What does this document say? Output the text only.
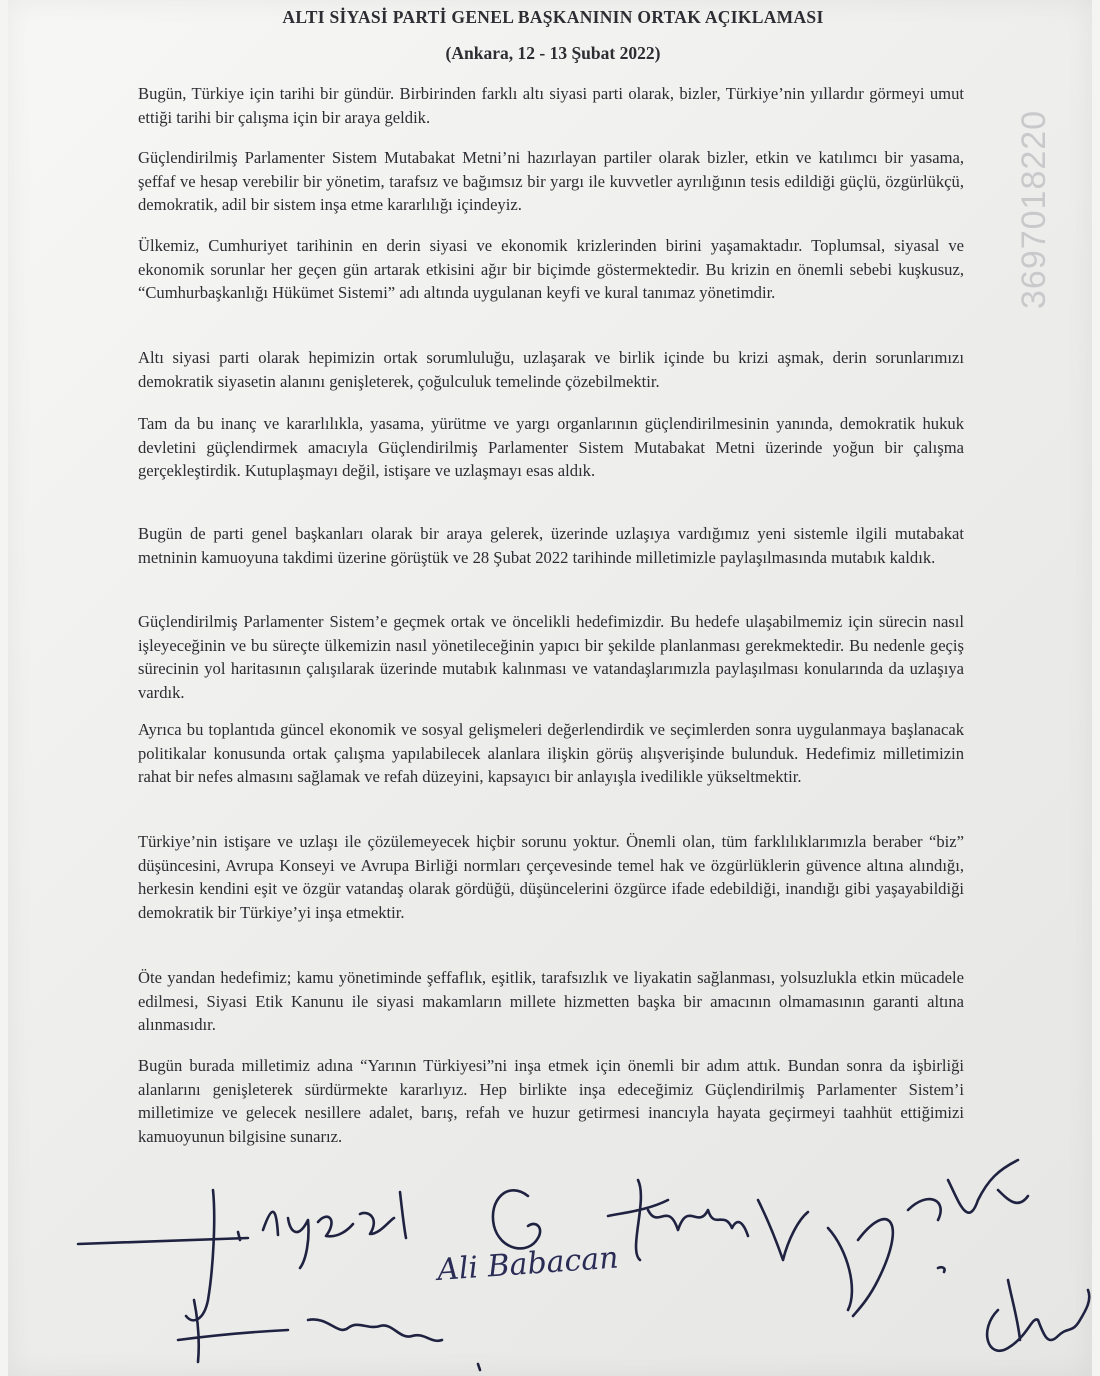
3697018220
ALTI SİYASİ PARTİ GENEL BAŞKANININ ORTAK AÇIKLAMASI
(Ankara, 12 - 13 Şubat 2022)

Bugün, Türkiye için tarihi bir gündür. Birbirinden farklı altı siyasi parti olarak, bizler, Türkiye’nin yıllardır görmeyi umut ettiği tarihi bir çalışma için bir araya geldik.

Güçlendirilmiş Parlamenter Sistem Mutabakat Metni’ni hazırlayan partiler olarak bizler, etkin ve katılımcı bir yasama, şeffaf ve hesap verebilir bir yönetim, tarafsız ve bağımsız bir yargı ile kuvvetler ayrılığının tesis edildiği güçlü, özgürlükçü, demokratik, adil bir sistem inşa etme kararlılığı içindeyiz.

Ülkemiz, Cumhuriyet tarihinin en derin siyasi ve ekonomik krizlerinden birini yaşamaktadır. Toplumsal, siyasal ve ekonomik sorunlar her geçen gün artarak etkisini ağır bir biçimde göstermektedir. Bu krizin en önemli sebebi kuşkusuz, “Cumhurbaşkanlığı Hükümet Sistemi” adı altında uygulanan keyfi ve kural tanımaz yönetimdir.

Altı siyasi parti olarak hepimizin ortak sorumluluğu, uzlaşarak ve birlik içinde bu krizi aşmak, derin sorunlarımızı demokratik siyasetin alanını genişleterek, çoğulculuk temelinde çözebilmektir.

Tam da bu inanç ve kararlılıkla, yasama, yürütme ve yargı organlarının güçlendirilmesinin yanında, demokratik hukuk devletini güçlendirmek amacıyla Güçlendirilmiş Parlamenter Sistem Mutabakat Metni üzerinde yoğun bir çalışma gerçekleştirdik. Kutuplaşmayı değil, istişare ve uzlaşmayı esas aldık.

Bugün de parti genel başkanları olarak bir araya gelerek, üzerinde uzlaşıya vardığımız yeni sistemle ilgili mutabakat metninin kamuoyuna takdimi üzerine görüştük ve 28 Şubat 2022 tarihinde milletimizle paylaşılmasında mutabık kaldık.

Güçlendirilmiş Parlamenter Sistem’e geçmek ortak ve öncelikli hedefimizdir. Bu hedefe ulaşabilmemiz için sürecin nasıl işleyeceğinin ve bu süreçte ülkemizin nasıl yönetileceğinin yapıcı bir şekilde planlanması gerekmektedir. Bu nedenle geçiş sürecinin yol haritasının çalışılarak üzerinde mutabık kalınması ve vatandaşlarımızla paylaşılması konularında da uzlaşıya vardık.

Ayrıca bu toplantıda güncel ekonomik ve sosyal gelişmeleri değerlendirdik ve seçimlerden sonra uygulanmaya başlanacak politikalar konusunda ortak çalışma yapılabilecek alanlara ilişkin görüş alışverişinde bulunduk. Hedefimiz milletimizin rahat bir nefes almasını sağlamak ve refah düzeyini, kapsayıcı bir anlayışla ivedilikle yükseltmektir.

Türkiye’nin istişare ve uzlaşı ile çözülemeyecek hiçbir sorunu yoktur. Önemli olan, tüm farklılıklarımızla beraber “biz” düşüncesini, Avrupa Konseyi ve Avrupa Birliği normları çerçevesinde temel hak ve özgürlüklerin güvence altına alındığı, herkesin kendini eşit ve özgür vatandaş olarak gördüğü, düşüncelerini özgürce ifade edebildiği, inandığı gibi yaşayabildiği demokratik bir Türkiye’yi inşa etmektir.

Öte yandan hedefimiz; kamu yönetiminde şeffaflık, eşitlik, tarafsızlık ve liyakatin sağlanması, yolsuzlukla etkin mücadele edilmesi, Siyasi Etik Kanunu ile siyasi makamların millete hizmetten başka bir amacının olmamasının garanti altına alınmasıdır.

Bugün burada milletimiz adına “Yarının Türkiyesi”ni inşa etmek için önemli bir adım attık. Bundan sonra da işbirliği alanlarını genişleterek sürdürmekte kararlıyız. Hep birlikte inşa edeceğimiz Güçlendirilmiş Parlamenter Sistem’i milletimize ve gelecek nesillere adalet, barış, refah ve huzur getirmesi inancıyla hayata geçirmeyi taahhüt ettiğimizi kamuoyunun bilgisine sunarız.

Ali Babacan
